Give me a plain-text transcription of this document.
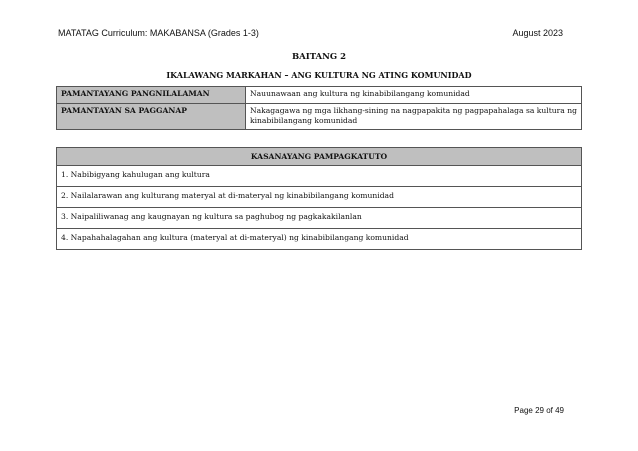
MATATAG Curriculum: MAKABANSA (Grades 1-3)	August 2023
BAITANG 2
IKALAWANG MARKAHAN – ANG KULTURA NG ATING KOMUNIDAD
PAMANTAYANG PANGNILALAMAN	Nauunawaan ang kultura ng kinabibilangang komunidad
PAMANTAYAN SA PAGGANAP	Nakagagawa ng mga likhang-sining na nagpapakita ng pagpapahalaga sa kultura ng kinabibilangang komunidad
KASANAYANG PAMPAGKATUTO
1. Nabibigyang kahulugan ang kultura
2. Nailalarawan ang kulturang materyal at di-materyal ng kinabibilangang komunidad
3. Naipaliliwanag ang kaugnayan ng kultura sa paghubog ng pagkakakilanlan
4. Napahahalagahan ang kultura (materyal at di-materyal) ng kinabibilangang komunidad
Page 29 of 49
